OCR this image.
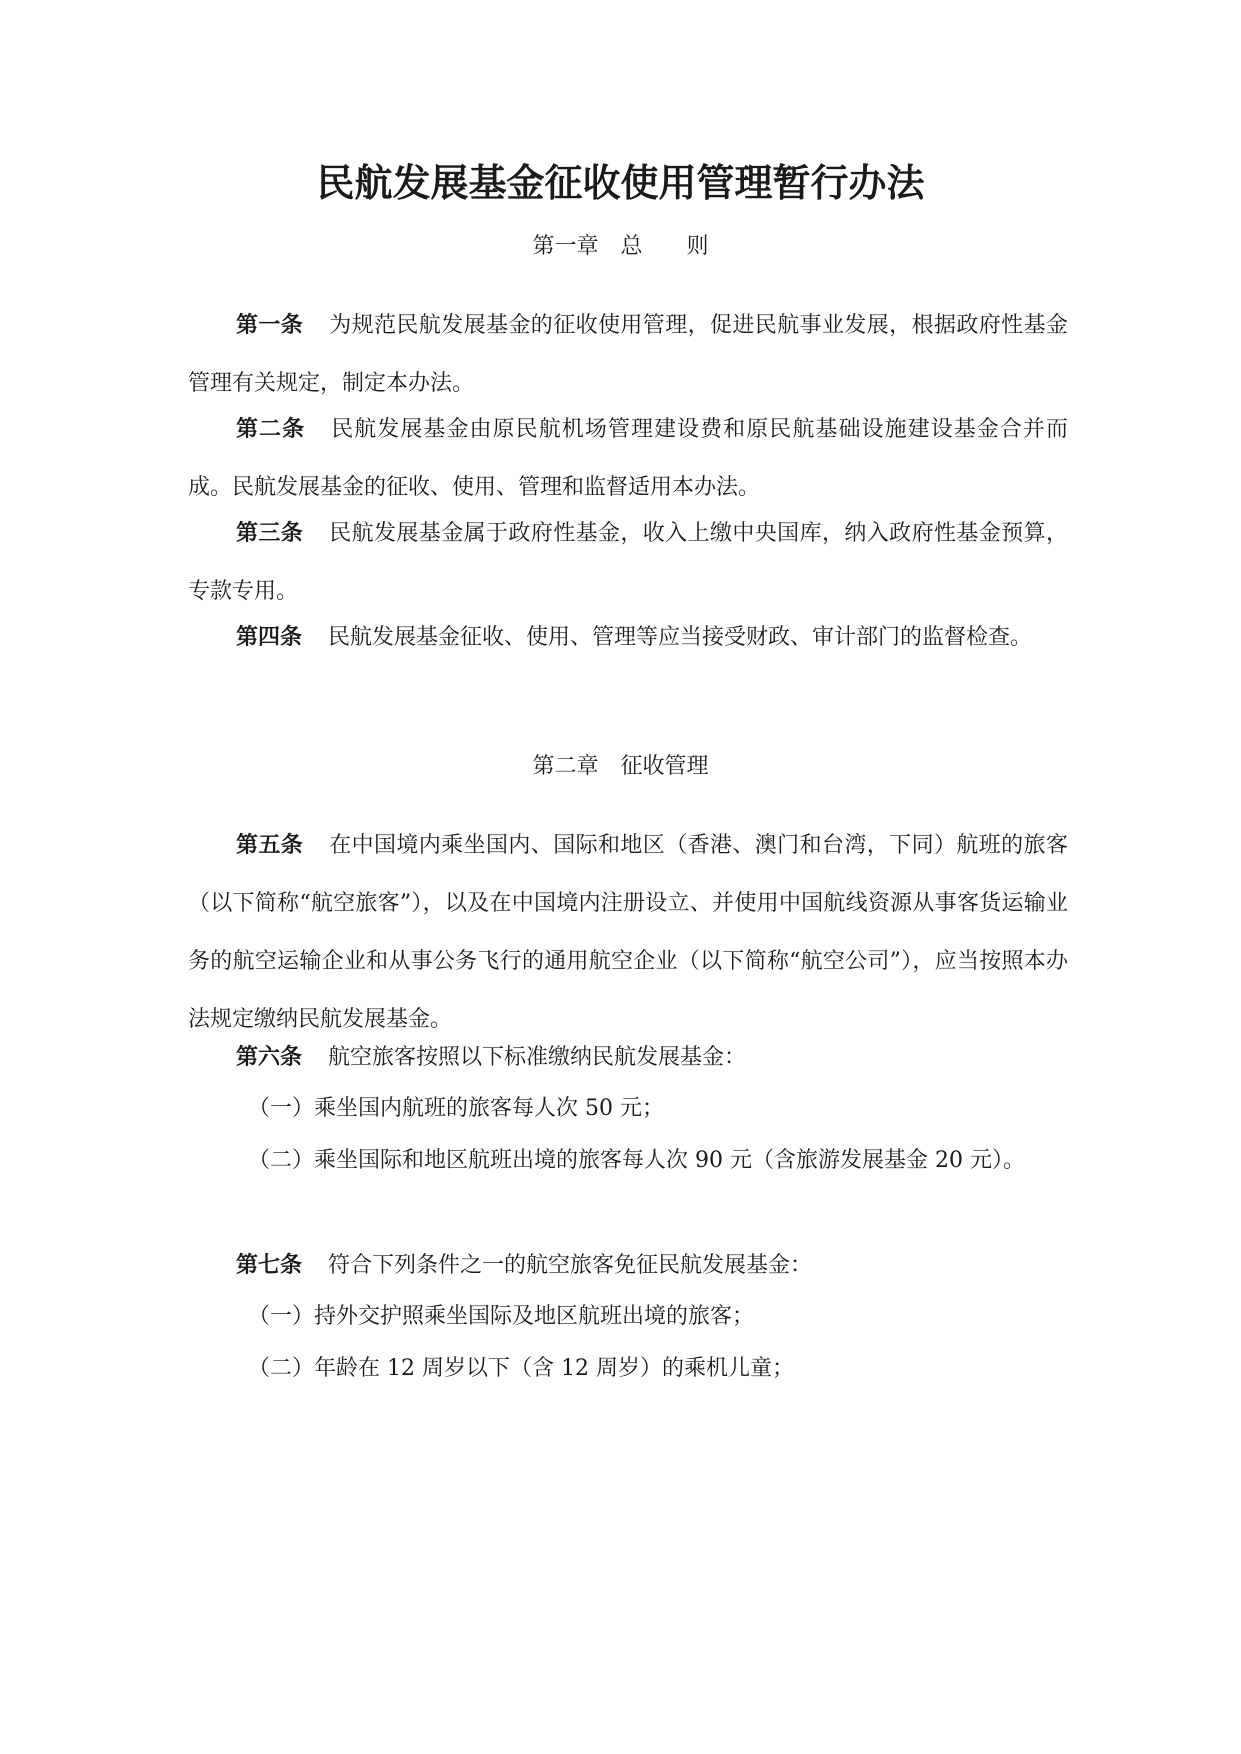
民航发展基金征收使用管理暂行办法

第一章　总　　则

第一条 为规范民航发展基金的征收使用管理，促进民航事业发展，根据政府性基金管理有关规定，制定本办法。

第二条 民航发展基金由原民航机场管理建设费和原民航基础设施建设基金合并而成。民航发展基金的征收、使用、管理和监督适用本办法。

第三条 民航发展基金属于政府性基金，收入上缴中央国库，纳入政府性基金预算，专款专用。

第四条 民航发展基金征收、使用、管理等应当接受财政、审计部门的监督检查。

第二章　征收管理

第五条 在中国境内乘坐国内、国际和地区（香港、澳门和台湾，下同）航班的旅客（以下简称“航空旅客”），以及在中国境内注册设立、并使用中国航线资源从事客货运输业务的航空运输企业和从事公务飞行的通用航空企业（以下简称“航空公司”），应当按照本办法规定缴纳民航发展基金。

第六条 航空旅客按照以下标准缴纳民航发展基金：

（一）乘坐国内航班的旅客每人次 50 元；

（二）乘坐国际和地区航班出境的旅客每人次 90 元（含旅游发展基金 20 元）。

第七条 符合下列条件之一的航空旅客免征民航发展基金：

（一）持外交护照乘坐国际及地区航班出境的旅客；

（二）年龄在 12 周岁以下（含 12 周岁）的乘机儿童；
